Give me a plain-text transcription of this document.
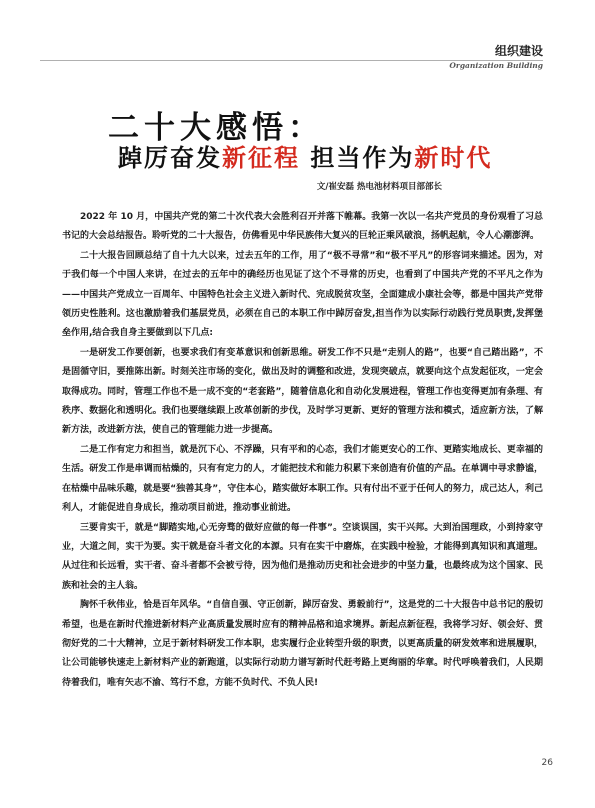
组织建设
Organization Building
二十大感悟：
踔厉奋发新征程 担当作为新时代
文/崔安磊 热电池材料项目部部长

2022 年 10 月，中国共产党的第二十次代表大会胜利召开并落下帷幕。我第一次以一名共产党员的身份观看了习总书记的大会总结报告。聆听党的二十大报告，仿佛看见中华民族伟大复兴的巨轮正乘风破浪，扬帆起航，令人心潮澎湃。

二十大报告回顾总结了自十九大以来，过去五年的工作，用了“极不寻常”和“极不平凡”的形容词来描述。因为，对于我们每一个中国人来讲，在过去的五年中的确经历也见证了这个不寻常的历史，也看到了中国共产党的不平凡之作为——中国共产党成立一百周年、中国特色社会主义进入新时代、完成脱贫攻坚，全面建成小康社会等，都是中国共产党带领历史性胜利。这也激励着我们基层党员，必须在自己的本职工作中踔厉奋发,担当作为以实际行动践行党员职责,发挥堡垒作用,结合我自身主要做到以下几点:

一是研发工作要创新，也要求我们有变革意识和创新思维。研发工作不只是“走别人的路”，也要“自己踏出路”，不是固循守旧，要推陈出新。时刻关注市场的变化，做出及时的调整和改进，发现突破点，就要向这个点发起征攻，一定会取得成功。同时，管理工作也不是一成不变的“老套路”，随着信息化和自动化发展进程，管理工作也变得更加有条理、有秩序、数据化和透明化。我们也要继续跟上改革创新的步伐，及时学习更新、更好的管理方法和模式，适应新方法，了解新方法，改进新方法，使自己的管理能力进一步提高。

二是工作有定力和担当，就是沉下心、不浮躁，只有平和的心态，我们才能更安心的工作、更踏实地成长、更幸福的生活。研发工作是串调而枯燥的，只有有定力的人，才能把技术和能力积累下来创造有价值的产品。在单调中寻求静谧，在枯燥中品味乐趣，就是要“独善其身”，守住本心，踏实做好本职工作。只有付出不亚于任何人的努力，成己达人，利己利人，才能促进自身成长，推动项目前进，推动事业前进。

三要肯实干，就是“脚踏实地,心无旁骛的做好应做的每一件事”。空谈误国，实干兴邦。大到治国理政，小到持家守业，大道之间，实干为要。实干就是奋斗者文化的本源。只有在实干中磨炼，在实践中检验，才能得到真知识和真道理。从过往和长远看，实干者、奋斗者都不会被亏待，因为他们是推动历史和社会进步的中坚力量，也最终成为这个国家、民族和社会的主人翁。

胸怀千秋伟业，恰是百年风华。“自信自强、守正创新，踔厉奋发、勇毅前行”，这是党的二十大报告中总书记的殷切希望，也是在新时代推进新材料产业高质量发展时应有的精神品格和追求境界。新起点新征程，我将学习好、领会好、贯彻好党的二十大精神，立足于新材料研发工作本职，忠实履行企业转型升级的职责，以更高质量的研发效率和进展履职，让公司能够快速走上新材料产业的新跑道，以实际行动助力谱写新时代赶考路上更绚丽的华章。时代呼唤着我们，人民期待着我们，唯有矢志不渝、笃行不怠，方能不负时代、不负人民!

26
